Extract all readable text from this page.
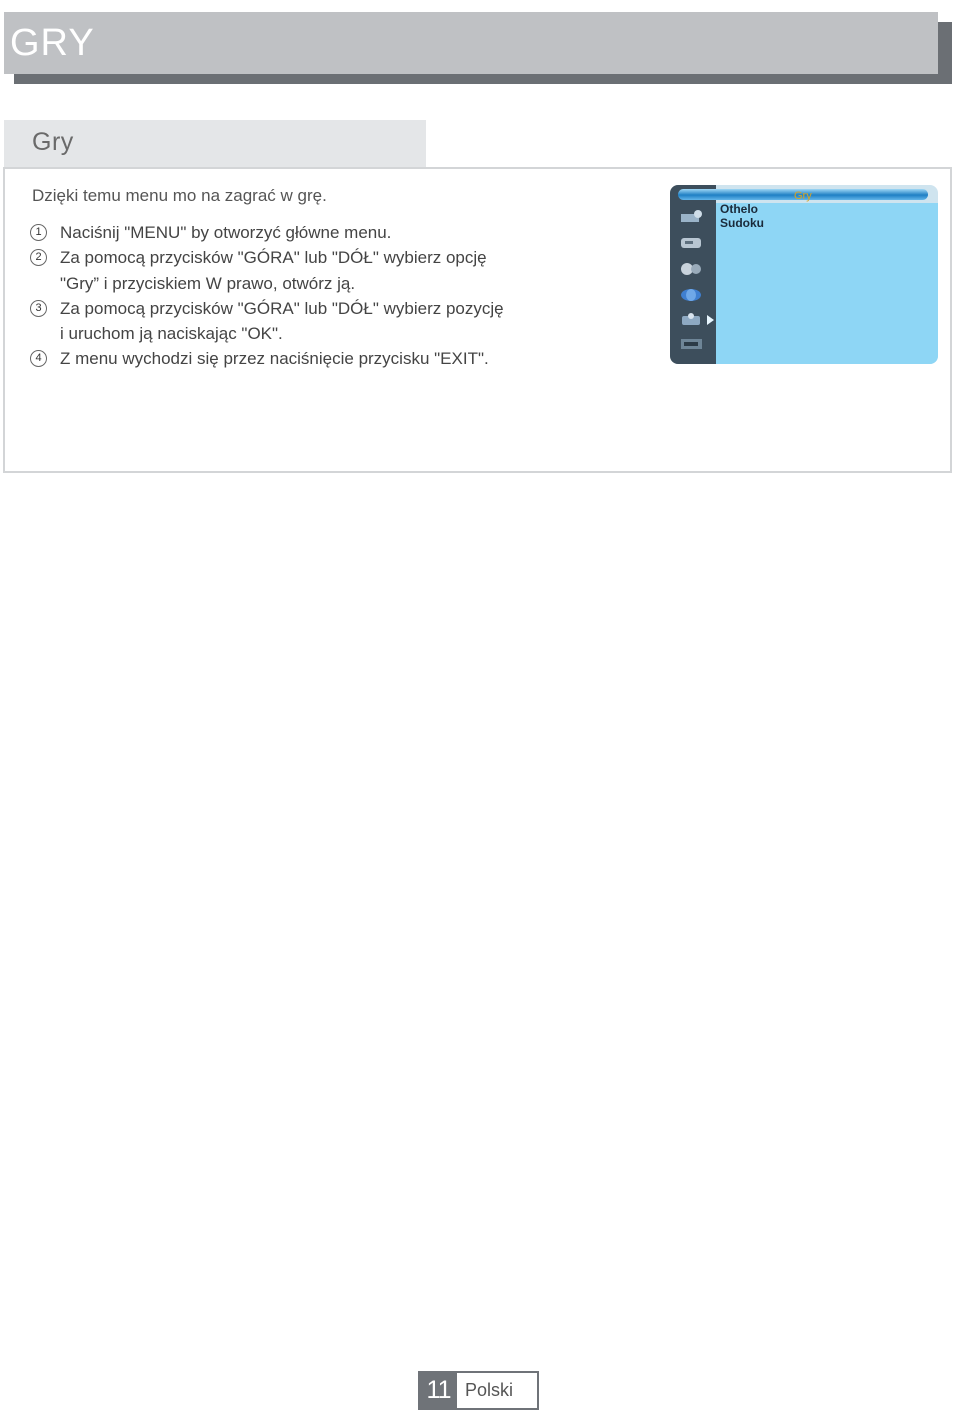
GRY
Gry
Dzięki temu menu mo na zagrać w grę.
1	Naciśnij "MENU" by otworzyć główne menu.
2	Za pomocą przycisków "GÓRA" lub "DÓŁ" wybierz opcję
"Gry” i przyciskiem W prawo, otwórz ją.
3	Za pomocą przycisków "GÓRA" lub "DÓŁ" wybierz pozycję
i uruchom ją naciskając "OK".
4	Z menu wychodzi się przez naciśnięcie przycisku "EXIT".
Gry
Othelo
Sudoku
11 Polski
